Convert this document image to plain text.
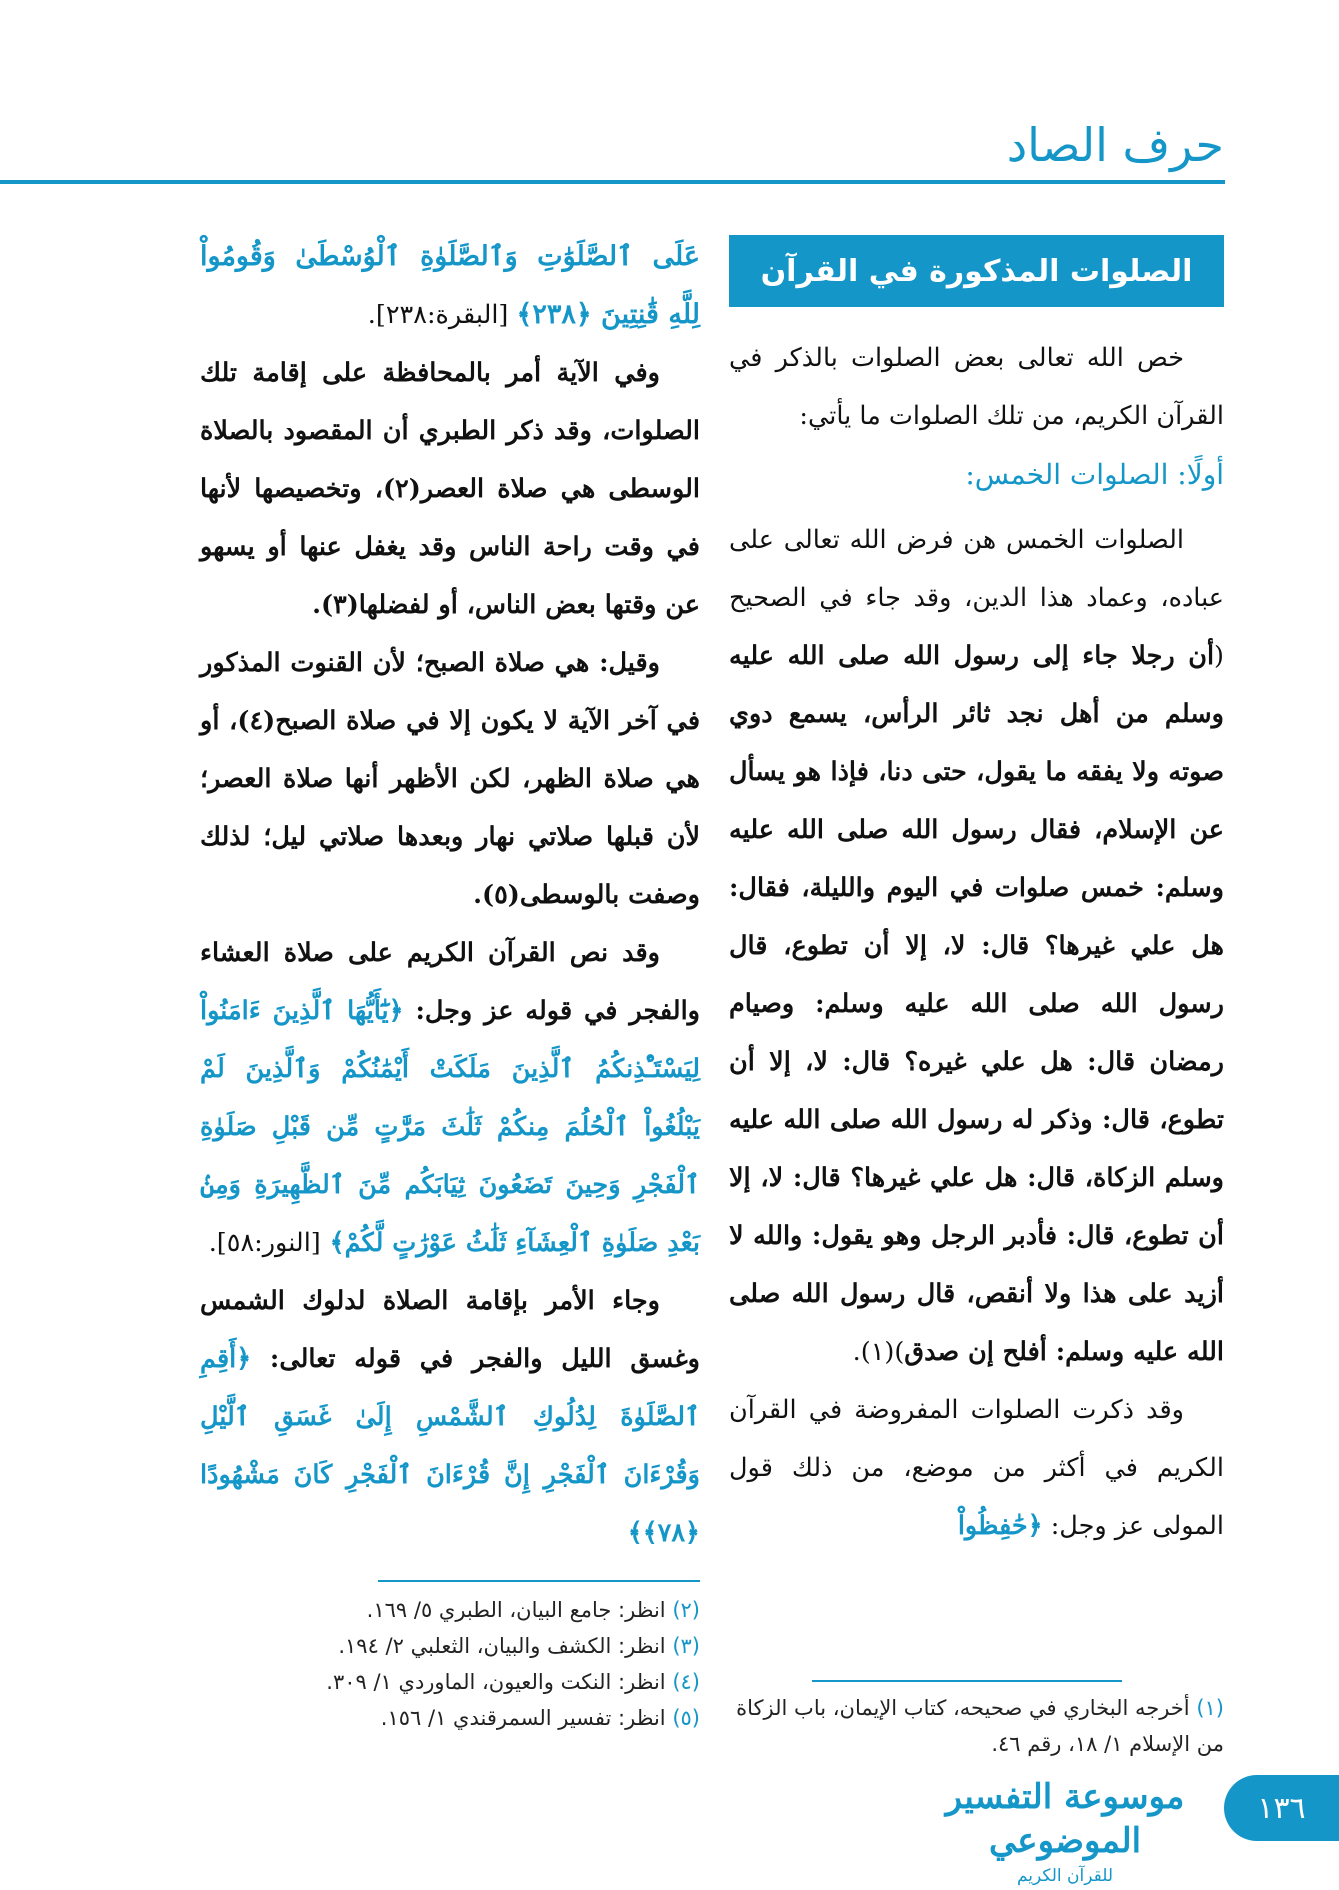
حرف الصاد
الصلوات المذكورة في القرآن

خص الله تعالى بعض الصلوات بالذكر في القرآن الكريم، من تلك الصلوات ما يأتي:

أولًا: الصلوات الخمس:

الصلوات الخمس هن فرض الله تعالى على عباده، وعماد هذا الدين، وقد جاء في الصحيح (أن رجلا جاء إلى رسول الله صلى الله عليه وسلم من أهل نجد ثائر الرأس، يسمع دوي صوته ولا يفقه ما يقول، حتى دنا، فإذا هو يسأل عن الإسلام، فقال رسول الله صلى الله عليه وسلم: خمس صلوات في اليوم والليلة، فقال: هل علي غيرها؟ قال: لا، إلا أن تطوع، قال رسول الله صلى الله عليه وسلم: وصيام رمضان قال: هل علي غيره؟ قال: لا، إلا أن تطوع، قال: وذكر له رسول الله صلى الله عليه وسلم الزكاة، قال: هل علي غيرها؟ قال: لا، إلا أن تطوع، قال: فأدبر الرجل وهو يقول: والله لا أزيد على هذا ولا أنقص، قال رسول الله صلى الله عليه وسلم: أفلح إن صدق)(١).

وقد ذكرت الصلوات المفروضة في القرآن الكريم في أكثر من موضع، من ذلك قول المولى عز وجل: ﴿حَٰفِظُواْ

(١) أخرجه البخاري في صحيحه، كتاب الإيمان، باب الزكاة من الإسلام ١/ ١٨، رقم ٤٦.

عَلَى ٱلصَّلَوَٰتِ وَٱلصَّلَوٰةِ ٱلْوُسْطَىٰ وَقُومُواْ لِلَّهِ قَٰنِتِينَ ﴿٢٣٨﴾ [البقرة:٢٣٨].

وفي الآية أمر بالمحافظة على إقامة تلك الصلوات، وقد ذكر الطبري أن المقصود بالصلاة الوسطى هي صلاة العصر(٢)، وتخصيصها لأنها في وقت راحة الناس وقد يغفل عنها أو يسهو عن وقتها بعض الناس، أو لفضلها(٣).

وقيل: هي صلاة الصبح؛ لأن القنوت المذكور في آخر الآية لا يكون إلا في صلاة الصبح(٤)، أو هي صلاة الظهر، لكن الأظهر أنها صلاة العصر؛ لأن قبلها صلاتي نهار وبعدها صلاتي ليل؛ لذلك وصفت بالوسطى(٥).

وقد نص القرآن الكريم على صلاة العشاء والفجر في قوله عز وجل: ﴿يَٰٓأَيُّهَا ٱلَّذِينَ ءَامَنُواْ لِيَسْتَـْٔذِنكُمُ ٱلَّذِينَ مَلَكَتْ أَيْمَٰنُكُمْ وَٱلَّذِينَ لَمْ يَبْلُغُواْ ٱلْحُلُمَ مِنكُمْ ثَلَٰثَ مَرَّٰتٍ مِّن قَبْلِ صَلَوٰةِ ٱلْفَجْرِ وَحِينَ تَضَعُونَ ثِيَابَكُم مِّنَ ٱلظَّهِيرَةِ وَمِنۢ بَعْدِ صَلَوٰةِ ٱلْعِشَآءِ ثَلَٰثُ عَوْرَٰتٍ لَّكُمْ﴾ [النور:٥٨].

وجاء الأمر بإقامة الصلاة لدلوك الشمس وغسق الليل والفجر في قوله تعالى: ﴿أَقِمِ ٱلصَّلَوٰةَ لِدُلُوكِ ٱلشَّمْسِ إِلَىٰ غَسَقِ ٱلَّيْلِ وَقُرْءَانَ ٱلْفَجْرِ إِنَّ قُرْءَانَ ٱلْفَجْرِ كَانَ مَشْهُودًا ﴿٧٨﴾﴾

(٢) انظر: جامع البيان، الطبري ٥/ ١٦٩.
(٣) انظر: الكشف والبيان، الثعلبي ٢/ ١٩٤.
(٤) انظر: النكت والعيون، الماوردي ١/ ٣٠٩.
(٥) انظر: تفسير السمرقندي ١/ ١٥٦.
موسوعة التفسير الموضوعي
للقرآن الكريم
١٣٦
